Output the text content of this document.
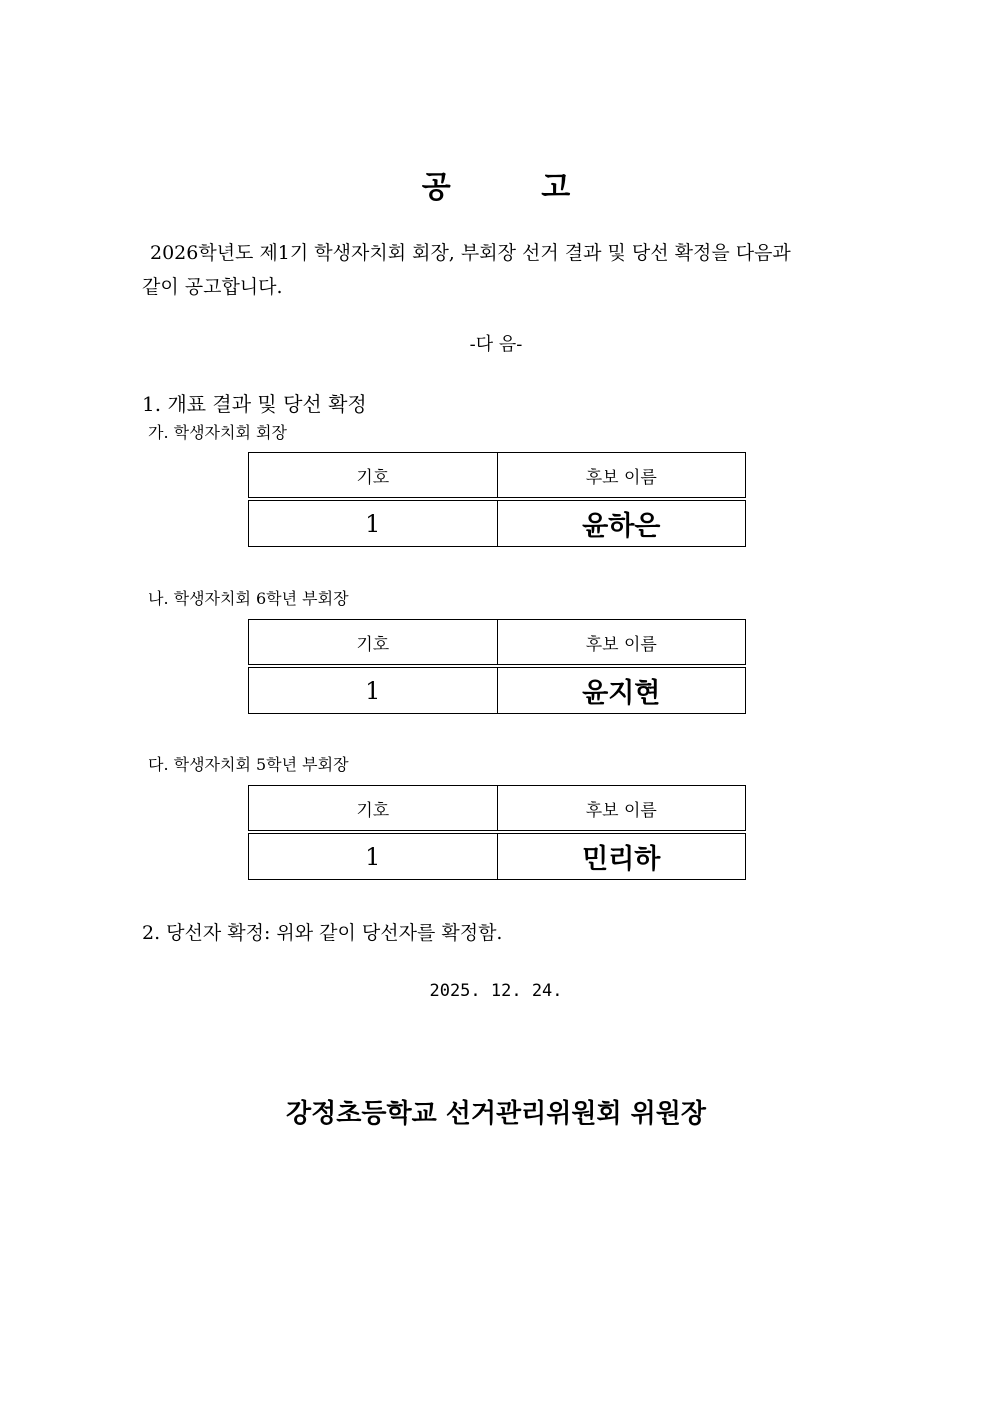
공 고
2026학년도 제1기 학생자치회 회장, 부회장 선거 결과 및 당선 확정을 다음과
같이 공고합니다.
-다 음-
1. 개표 결과 및 당선 확정
가. 학생자치회 회장
기호	후보 이름
1	윤하은
나. 학생자치회 6학년 부회장
기호	후보 이름
1	윤지현
다. 학생자치회 5학년 부회장
기호	후보 이름
1	민리하
2. 당선자 확정: 위와 같이 당선자를 확정함.
2025. 12. 24.
강정초등학교 선거관리위원회 위원장
